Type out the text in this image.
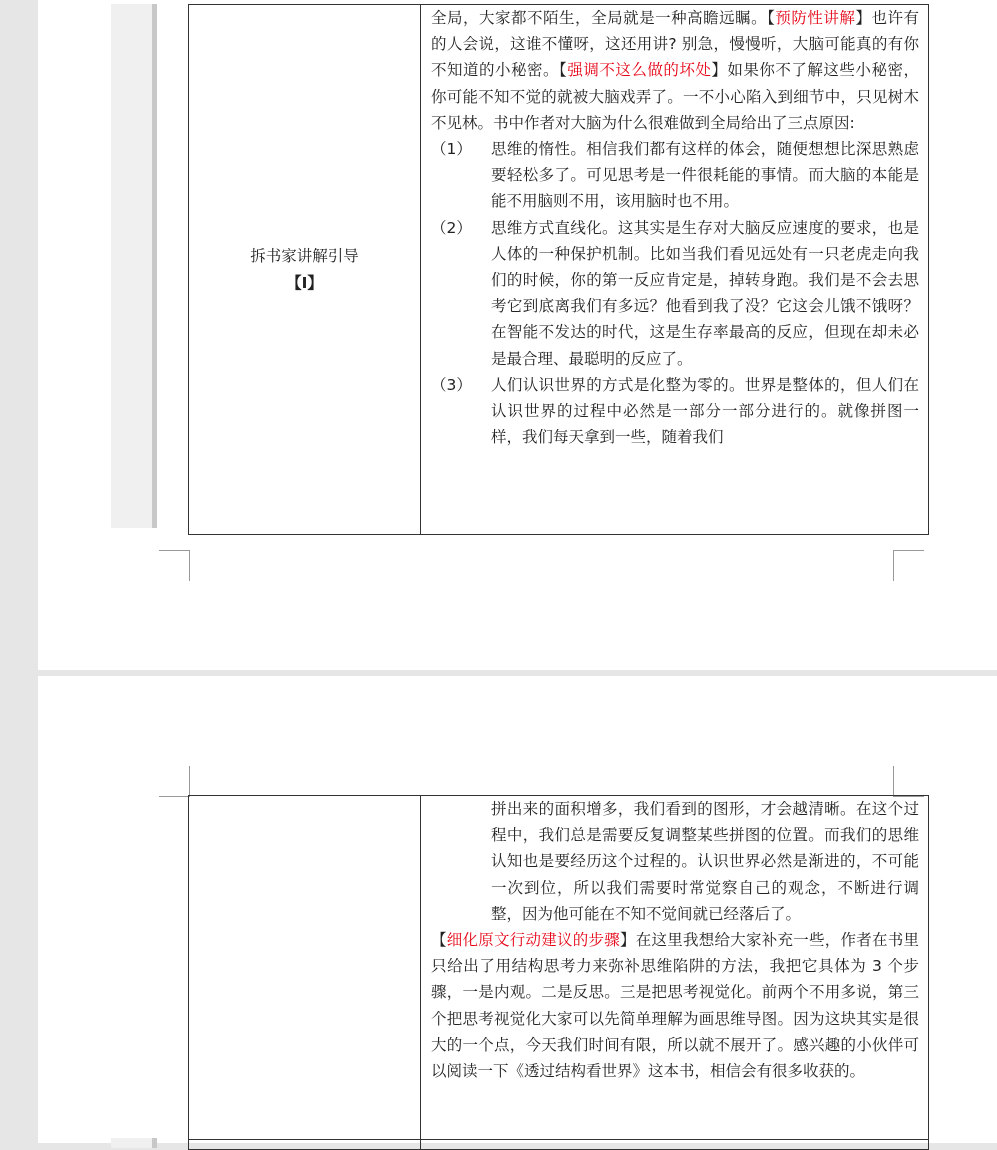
拆书家讲解引导
【I】

全局，大家都不陌生，全局就是一种高瞻远瞩。【预防性讲解】也许有的人会说，这谁不懂呀，这还用讲? 别急，慢慢听，大脑可能真的有你不知道的小秘密。【强调不这么做的坏处】如果你不了解这些小秘密，你可能不知不觉的就被大脑戏弄了。一不小心陷入到细节中，只见树木不见林。书中作者对大脑为什么很难做到全局给出了三点原因:
（1）	思维的惰性。相信我们都有这样的体会，随便想想比深思熟虑要轻松多了。可见思考是一件很耗能的事情。而大脑的本能是能不用脑则不用，该用脑时也不用。
（2）	思维方式直线化。这其实是生存对大脑反应速度的要求，也是人体的一种保护机制。比如当我们看见远处有一只老虎走向我们的时候，你的第一反应肯定是，掉转身跑。我们是不会去思考它到底离我们有多远？他看到我了没？它这会儿饿不饿呀？在智能不发达的时代，这是生存率最高的反应，但现在却未必是最合理、最聪明的反应了。
（3）	人们认识世界的方式是化整为零的。世界是整体的，但人们在认识世界的过程中必然是一部分一部分进行的。就像拼图一样，我们每天拿到一些，随着我们

	拼出来的面积增多，我们看到的图形，才会越清晰。在这个过程中，我们总是需要反复调整某些拼图的位置。而我们的思维认知也是要经历这个过程的。认识世界必然是渐进的，不可能一次到位，所以我们需要时常觉察自己的观念，不断进行调整，因为他可能在不知不觉间就已经落后了。
【细化原文行动建议的步骤】在这里我想给大家补充一些，作者在书里只给出了用结构思考力来弥补思维陷阱的方法，我把它具体为 3 个步骤，一是内观。二是反思。三是把思考视觉化。前两个不用多说，第三个把思考视觉化大家可以先简单理解为画思维导图。因为这块其实是很大的一个点，今天我们时间有限，所以就不展开了。感兴趣的小伙伴可以阅读一下《透过结构看世界》这本书，相信会有很多收获的。
